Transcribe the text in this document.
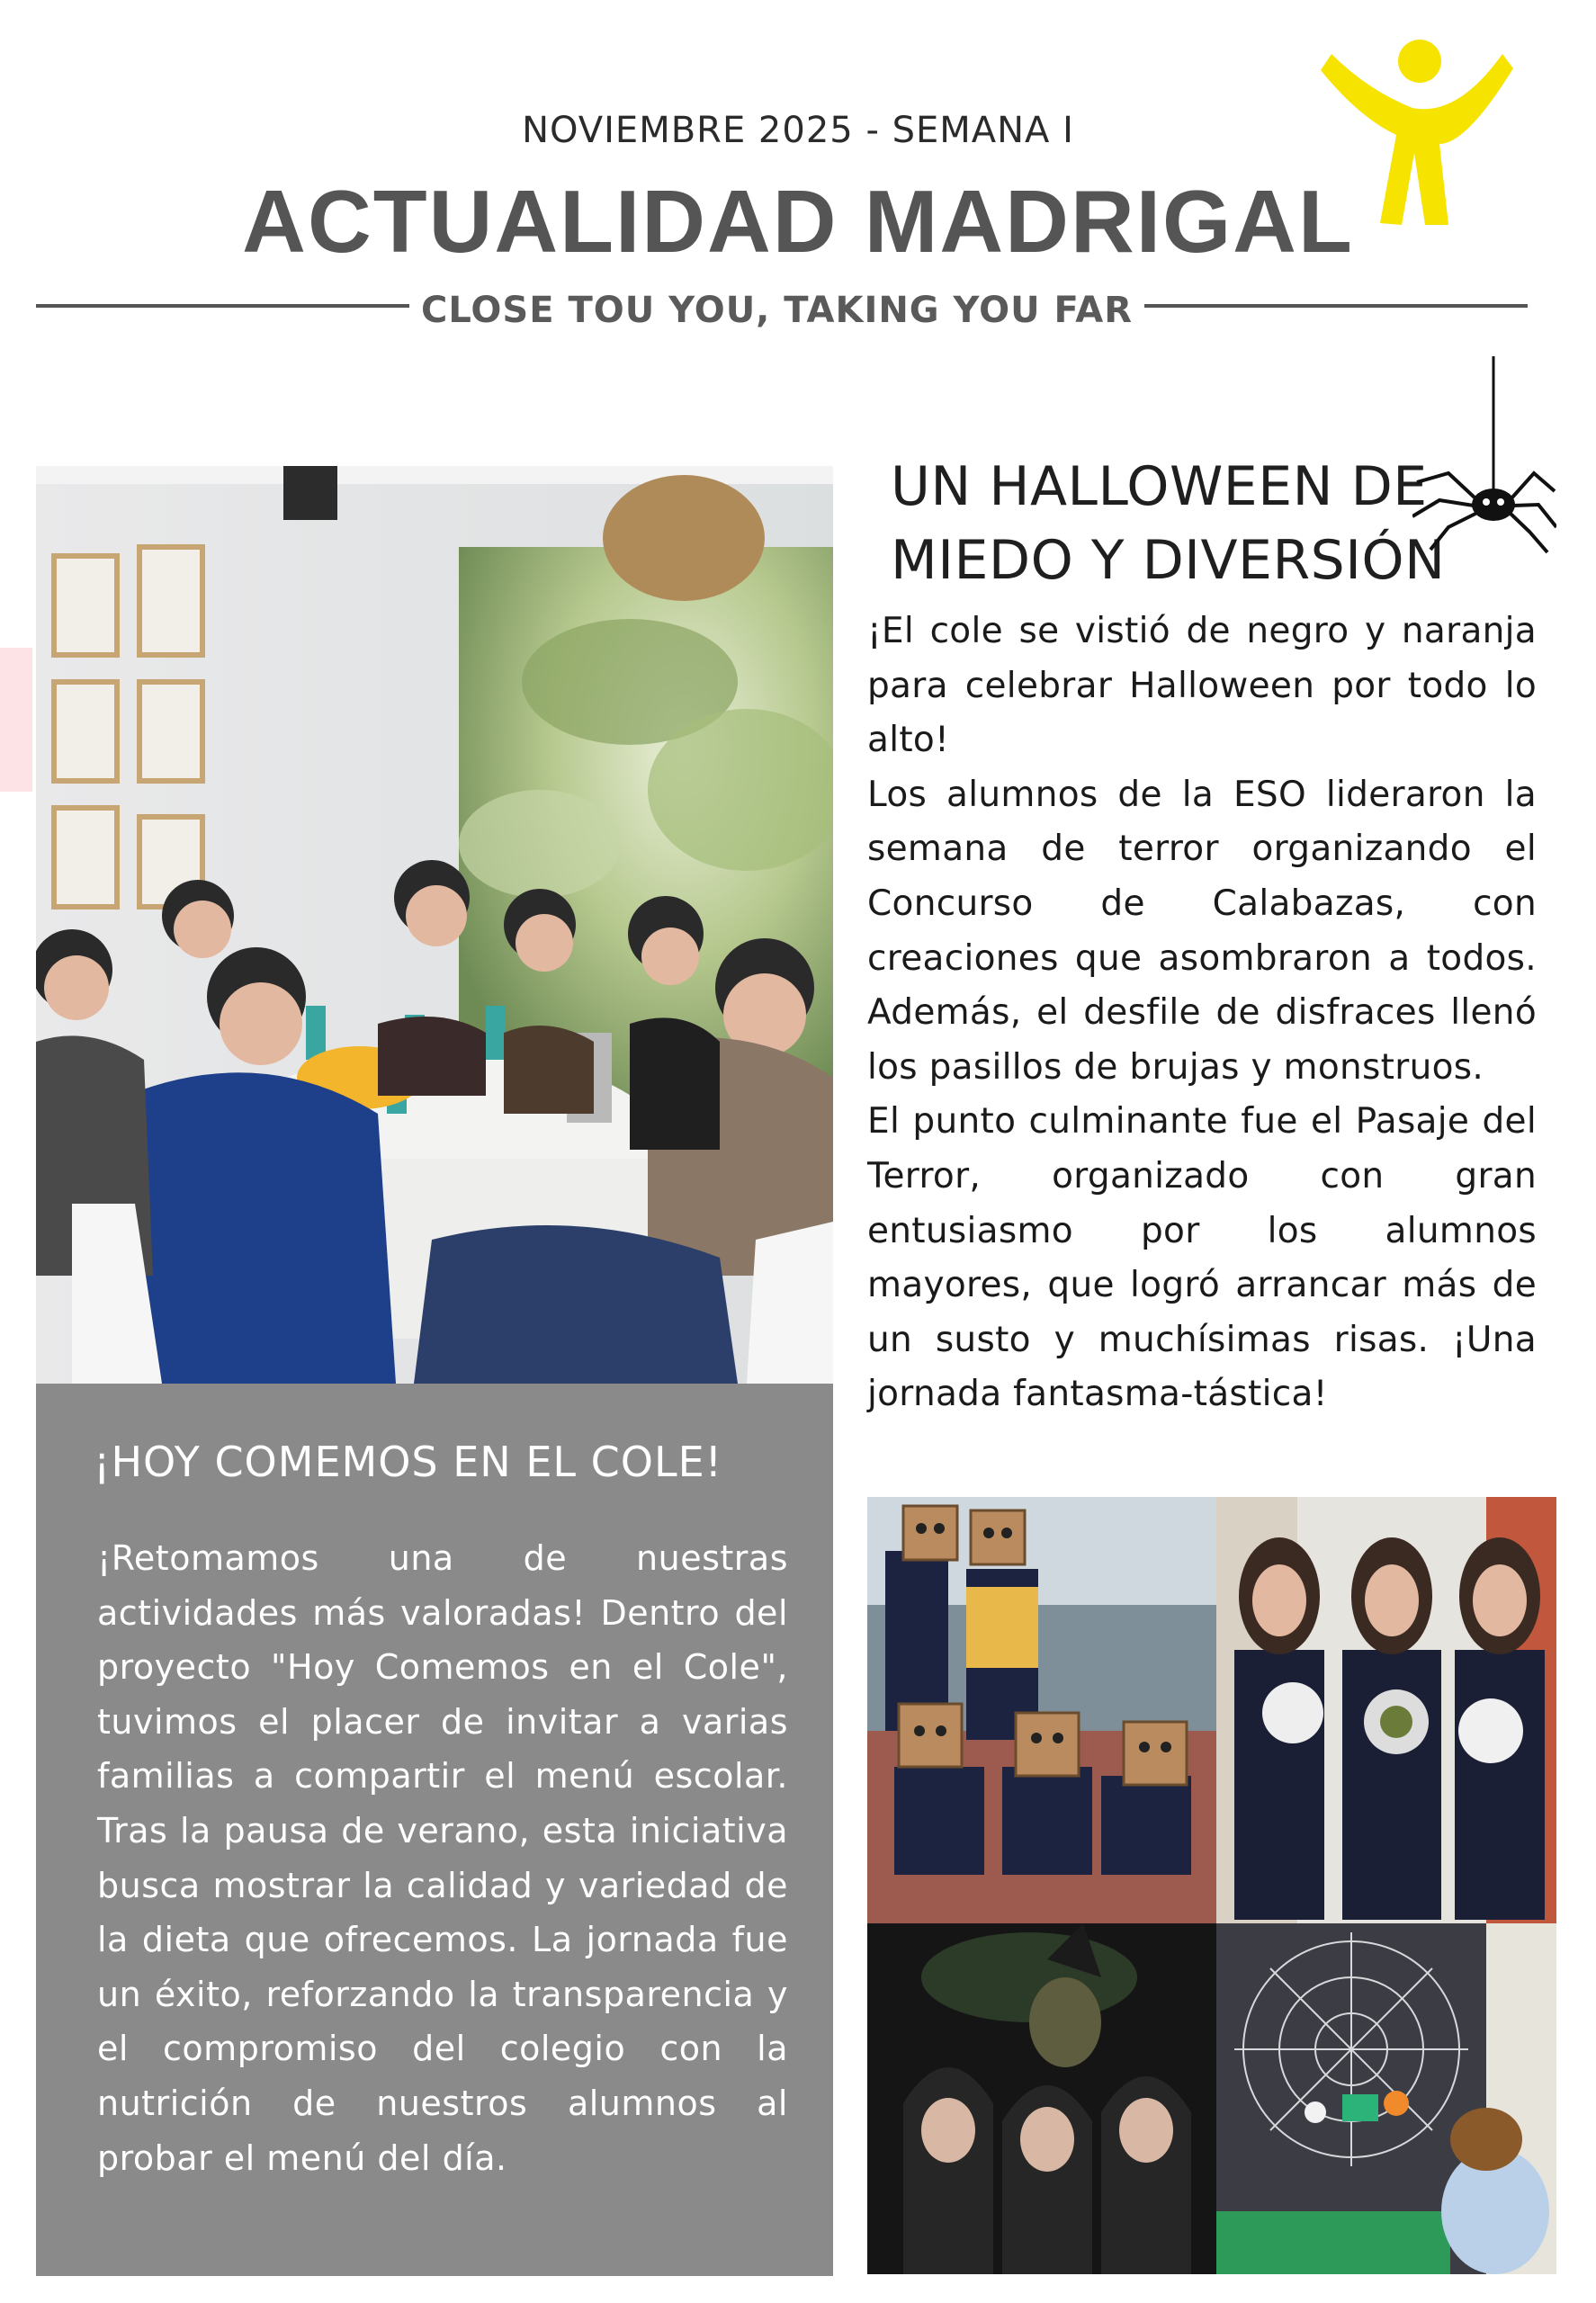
NOVIEMBRE 2025 - SEMANA I
ACTUALIDAD MADRIGAL
CLOSE TOU YOU, TAKING YOU FAR
¡HOY COMEMOS EN EL COLE!
¡Retomamos una de nuestras actividades más valoradas! Dentro del proyecto "Hoy Comemos en el Cole", tuvimos el placer de invitar a varias familias a compartir el menú escolar. Tras la pausa de verano, esta iniciativa busca mostrar la calidad y variedad de la dieta que ofrecemos. La jornada fue un éxito, reforzando la transparencia y el compromiso del colegio con la nutrición de nuestros alumnos al probar el menú del día.
UN HALLOWEEN DE
MIEDO Y DIVERSIÓN

¡El cole se vistió de negro y naranja para celebrar Halloween por todo lo alto!

Los alumnos de la ESO lideraron la semana de terror organizando el Concurso de Calabazas, con creaciones que asombraron a todos. Además, el desfile de disfraces llenó los pasillos de brujas y monstruos.

El punto culminante fue el Pasaje del Terror, organizado con gran entusiasmo por los alumnos mayores, que logró arrancar más de un susto y muchísimas risas. ¡Una jornada fantasma-tástica!
